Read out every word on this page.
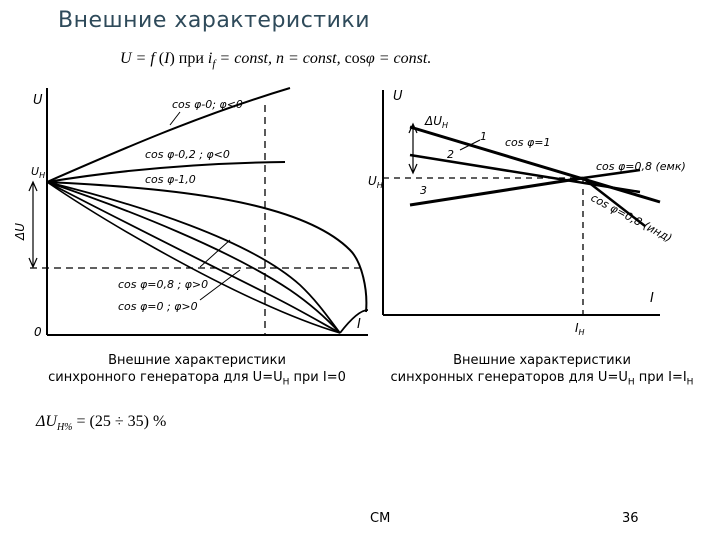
Внешние характеристики
U = f (I) при $i_f$ = const, n = const, cosφ = const.
U
$U_Н$
ΔU
0	I
cos φ-0; φ<0
cos φ-0,2 ; φ<0
cos φ-1,0
cos φ=0,8 ; φ>0
cos φ=0 ; φ>0
U
$U_Н$
$\Delta U_Н$
I
$I_Н$
1
2
3
cos φ=1
cos φ=0,8 (емк)
cos φ=0,8 (инд)
Внешние характеристики
синхронного генератора для $U=U_Н$ при I=0
Внешние характеристики
синхронных генераторов для $U=U_Н$ при $I=I_Н$
$\Delta U_{Н\%} = (25 \div 35)$ %
СМ	36
